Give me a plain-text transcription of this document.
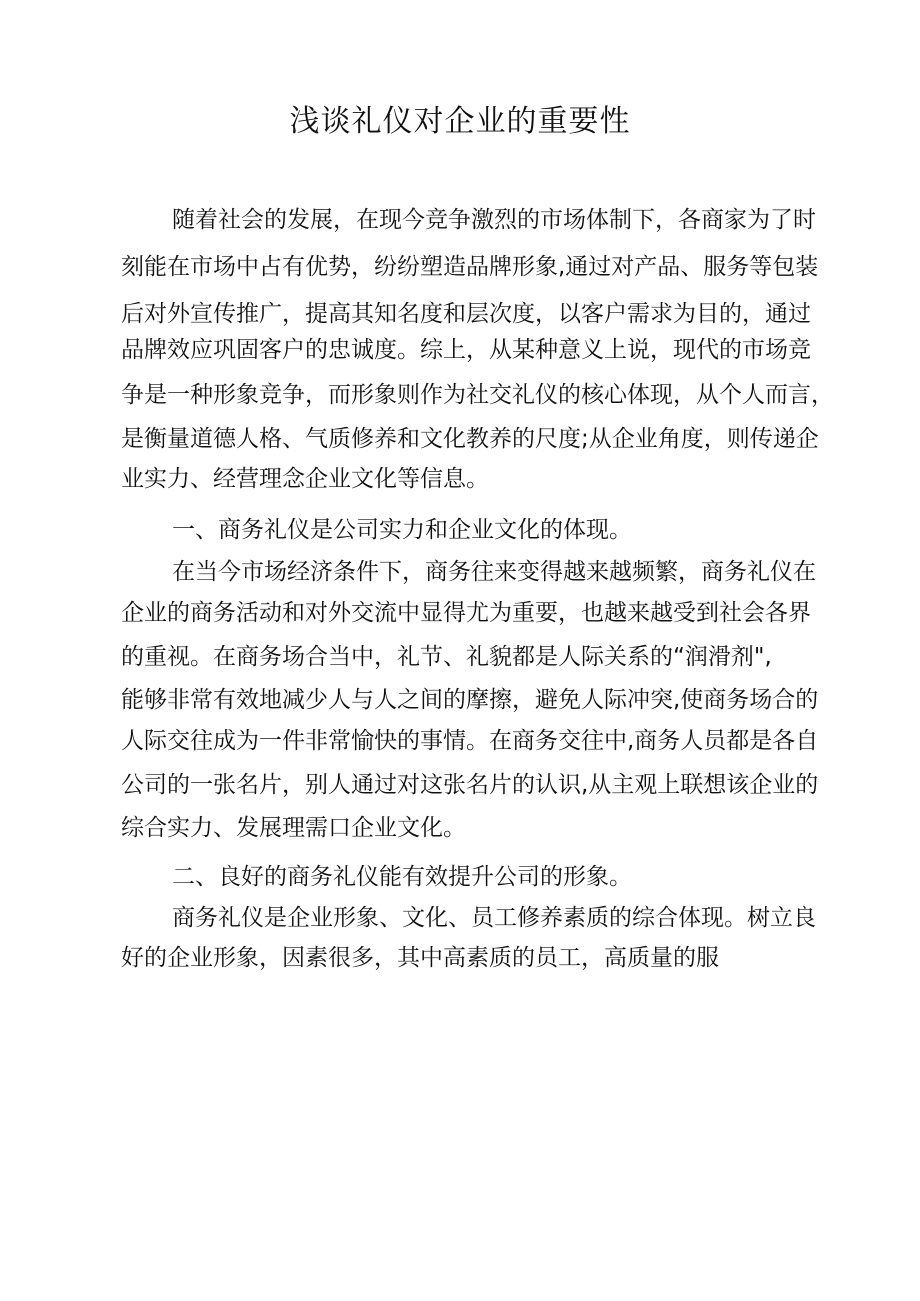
浅谈礼仪对企业的重要性
随着社会的发展，在现今竞争激烈的市场体制下，各商家为了时
刻能在市场中占有优势，纷纷塑造品牌形象,通过对产品、服务等包装
后对外宣传推广，提高其知名度和层次度，以客户需求为目的，通过
品牌效应巩固客户的忠诚度。综上，从某种意义上说，现代的市场竞
争是一种形象竞争，而形象则作为社交礼仪的核心体现，从个人而言，
是衡量道德人格、气质修养和文化教养的尺度;从企业角度，则传递企
业实力、经营理念企业文化等信息。
一、商务礼仪是公司实力和企业文化的体现。
在当今市场经济条件下，商务往来变得越来越频繁，商务礼仪在
企业的商务活动和对外交流中显得尤为重要，也越来越受到社会各界
的重视。在商务场合当中，礼节、礼貌都是人际关系的“润滑剂",
能够非常有效地减少人与人之间的摩擦，避免人际冲突,使商务场合的
人际交往成为一件非常愉快的事情。在商务交往中,商务人员都是各自
公司的一张名片，别人通过对这张名片的认识,从主观上联想该企业的
综合实力、发展理需口企业文化。
二、良好的商务礼仪能有效提升公司的形象。
商务礼仪是企业形象、文化、员工修养素质的综合体现。树立良
好的企业形象，因素很多，其中高素质的员工，高质量的服
